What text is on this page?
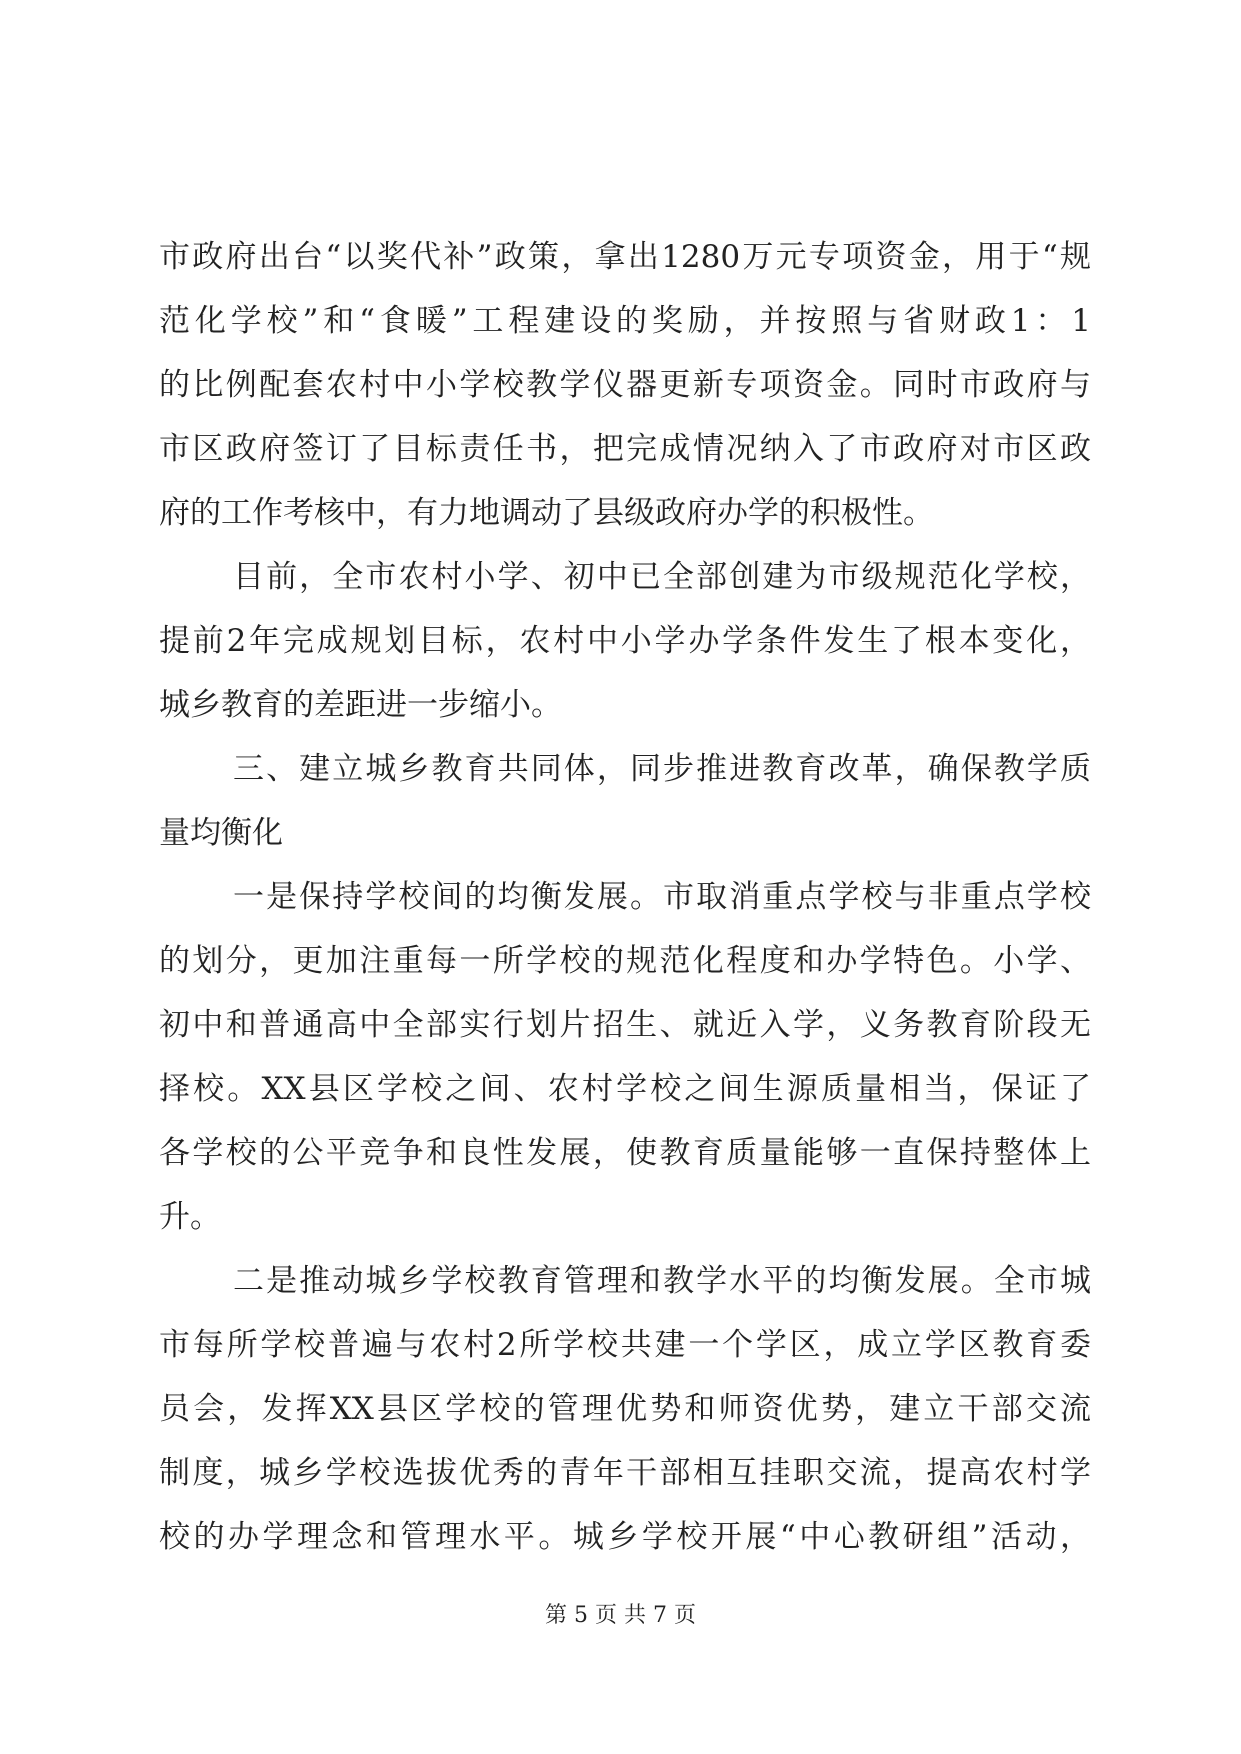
市政府出台“以奖代补”政策，拿出1280万元专项资金，用于“规
范化学校”和“食暖”工程建设的奖励，并按照与省财政1：1
的比例配套农村中小学校教学仪器更新专项资金。同时市政府与
市区政府签订了目标责任书，把完成情况纳入了市政府对市区政
府的工作考核中，有力地调动了县级政府办学的积极性。
目前，全市农村小学、初中已全部创建为市级规范化学校，
提前2年完成规划目标，农村中小学办学条件发生了根本变化，
城乡教育的差距进一步缩小。
三、建立城乡教育共同体，同步推进教育改革，确保教学质
量均衡化
一是保持学校间的均衡发展。市取消重点学校与非重点学校
的划分，更加注重每一所学校的规范化程度和办学特色。小学、
初中和普通高中全部实行划片招生、就近入学，义务教育阶段无
择校。XX县区学校之间、农村学校之间生源质量相当，保证了
各学校的公平竞争和良性发展，使教育质量能够一直保持整体上
升。
二是推动城乡学校教育管理和教学水平的均衡发展。全市城
市每所学校普遍与农村2所学校共建一个学区，成立学区教育委
员会，发挥XX县区学校的管理优势和师资优势，建立干部交流
制度，城乡学校选拔优秀的青年干部相互挂职交流，提高农村学
校的办学理念和管理水平。城乡学校开展“中心教研组”活动，
第 5 页 共 7 页
